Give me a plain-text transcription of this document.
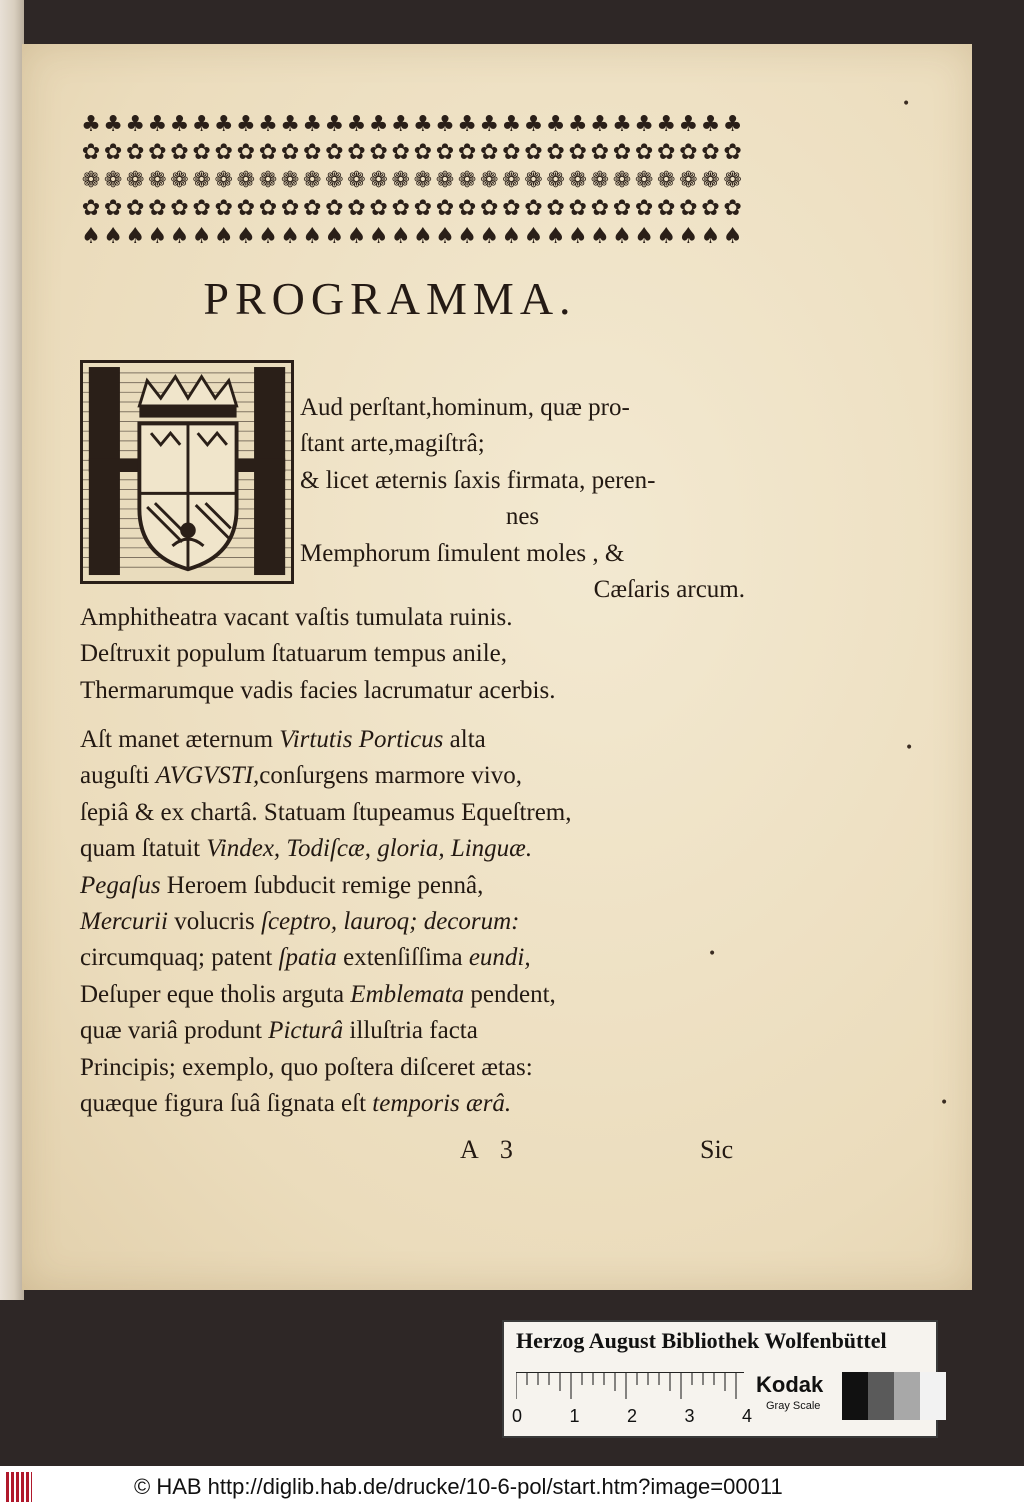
♣ ♣ ♣ ♣ ♣ ♣ ♣ ♣ ♣ ♣ ♣ ♣ ♣ ♣ ♣ ♣ ♣ ♣ ♣ ♣ ♣ ♣ ♣ ♣ ♣ ♣ ♣ ♣ ♣ ♣
✿ ✿ ✿ ✿ ✿ ✿ ✿ ✿ ✿ ✿ ✿ ✿ ✿ ✿ ✿ ✿ ✿ ✿ ✿ ✿ ✿ ✿ ✿ ✿ ✿ ✿ ✿ ✿ ✿ ✿
❁ ❁ ❁ ❁ ❁ ❁ ❁ ❁ ❁ ❁ ❁ ❁ ❁ ❁ ❁ ❁ ❁ ❁ ❁ ❁ ❁ ❁ ❁ ❁ ❁ ❁ ❁ ❁ ❁ ❁
✿ ✿ ✿ ✿ ✿ ✿ ✿ ✿ ✿ ✿ ✿ ✿ ✿ ✿ ✿ ✿ ✿ ✿ ✿ ✿ ✿ ✿ ✿ ✿ ✿ ✿ ✿ ✿ ✿ ✿
♠ ♠ ♠ ♠ ♠ ♠ ♠ ♠ ♠ ♠ ♠ ♠ ♠ ♠ ♠ ♠ ♠ ♠ ♠ ♠ ♠ ♠ ♠ ♠ ♠ ♠ ♠ ♠ ♠ ♠
PROGRAMMA.
Aud perſtant,hominum, quæ pro-
ſtant arte,magiſtrâ;
& licet æternis ſaxis firmata, peren-
nes
Memphorum ſimulent moles , &
Cæſaris arcum.
Amphitheatra vacant vaſtis tumulata ruinis.
Deſtruxit populum ſtatuarum tempus anile,
Thermarumque vadis facies lacrumatur acerbis.
Aſt manet æternum Virtutis Porticus alta
auguſti AVGVSTI,conſurgens marmore vivo,
ſepiâ & ex chartâ. Statuam ſtupeamus Equeſtrem,
quam ſtatuit Vindex, Todiſcæ, gloria, Linguæ.
Pegaſus Heroem ſubducit remige pennâ,
Mercurii volucris ſceptro, lauroq; decorum:
circumquaq; patent ſpatia extenſiſſima eundi,
Deſuper eque tholis arguta Emblemata pendent,
quæ variâ produnt Picturâ illuſtria facta
Principis; exemplo, quo poſtera diſceret ætas:
quæque figura ſuâ ſignata eſt temporis ærâ.
A 3	Sic
•
•
•
•
Herzog August Bibliothek Wolfenbüttel
0	1	2	3	4
Kodak
Gray Scale
© HAB http://diglib.hab.de/drucke/10-6-pol/start.htm?image=00011
